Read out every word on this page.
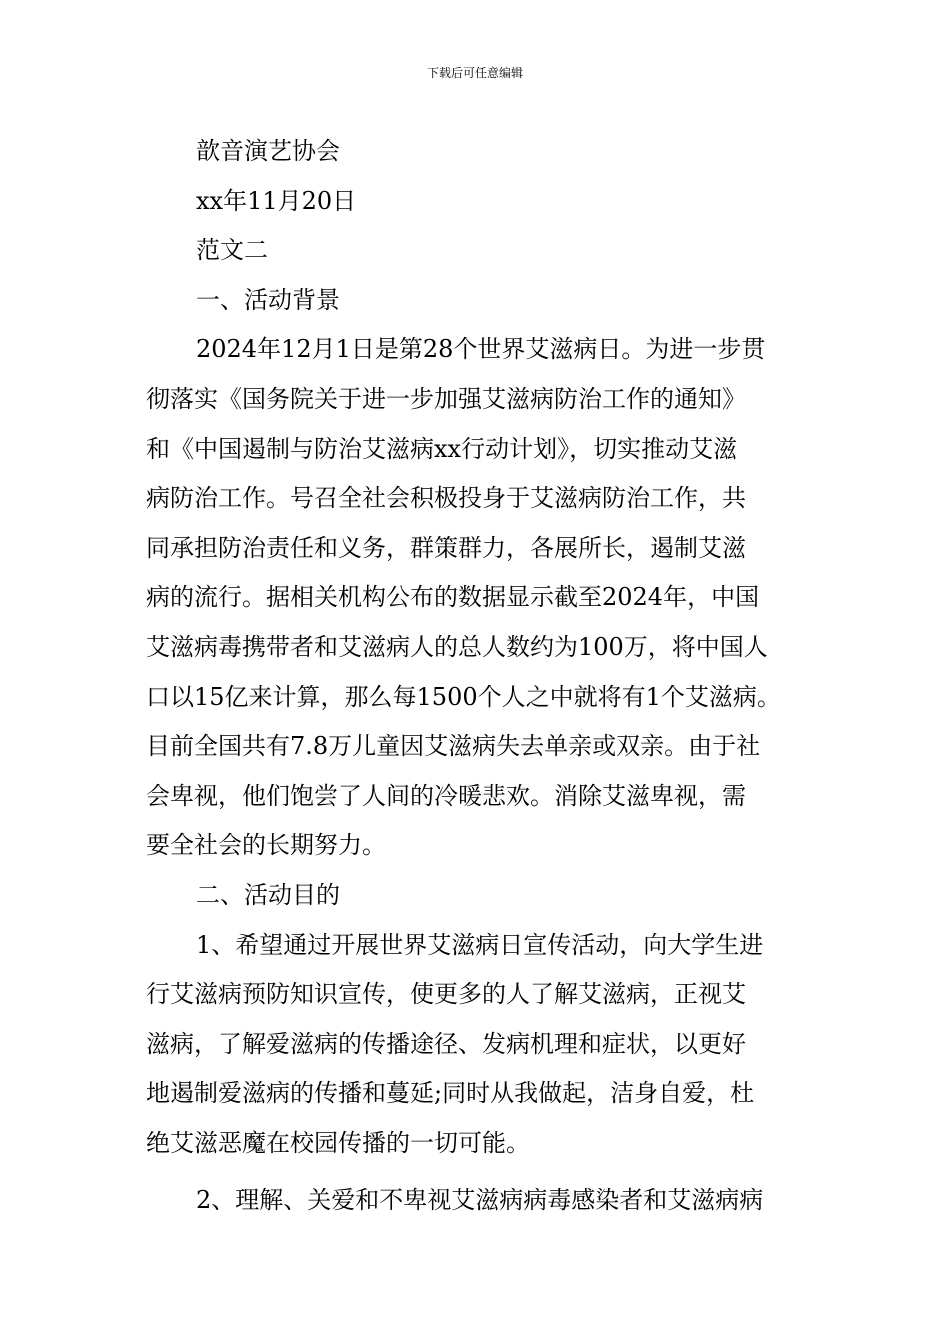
下载后可任意编辑
歆音演艺协会
xx年11月20日
范文二
一、活动背景
2024年12月1日是第28个世界艾滋病日。为进一步贯
彻落实《国务院关于进一步加强艾滋病防治工作的通知》
和《中国遏制与防治艾滋病xx行动计划》，切实推动艾滋
病防治工作。号召全社会积极投身于艾滋病防治工作，共
同承担防治责任和义务，群策群力，各展所长，遏制艾滋
病的流行。据相关机构公布的数据显示截至2024年，中国
艾滋病毒携带者和艾滋病人的总人数约为100万，将中国人
口以15亿来计算，那么每1500个人之中就将有1个艾滋病。
目前全国共有7.8万儿童因艾滋病失去单亲或双亲。由于社
会卑视，他们饱尝了人间的冷暖悲欢。消除艾滋卑视，需
要全社会的长期努力。
二、活动目的
1、希望通过开展世界艾滋病日宣传活动，向大学生进
行艾滋病预防知识宣传，使更多的人了解艾滋病，正视艾
滋病，了解爱滋病的传播途径、发病机理和症状，以更好
地遏制爱滋病的传播和蔓延;同时从我做起，洁身自爱，杜
绝艾滋恶魔在校园传播的一切可能。
2、理解、关爱和不卑视艾滋病病毒感染者和艾滋病病
